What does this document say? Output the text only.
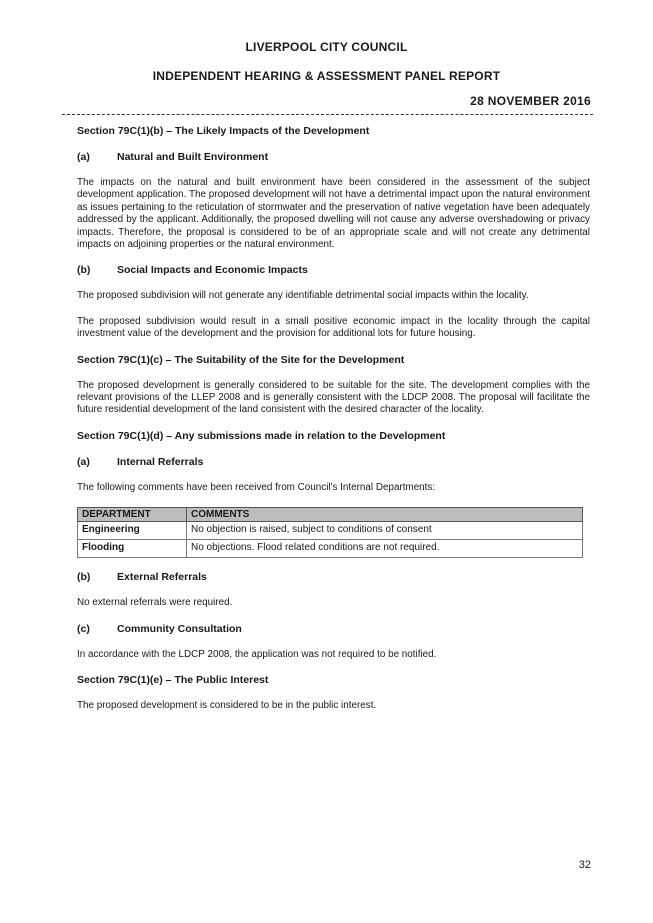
LIVERPOOL CITY COUNCIL
INDEPENDENT HEARING & ASSESSMENT PANEL REPORT
28 NOVEMBER 2016
Section 79C(1)(b) – The Likely Impacts of the Development
(a)	Natural and Built Environment

The impacts on the natural and built environment have been considered in the assessment of the subject development application. The proposed development will not have a detrimental impact upon the natural environment as issues pertaining to the reticulation of stormwater and the preservation of native vegetation have been adequately addressed by the applicant. Additionally, the proposed dwelling will not cause any adverse overshadowing or privacy impacts. Therefore, the proposal is considered to be of an appropriate scale and will not create any detrimental impacts on adjoining properties or the natural environment.

(b)	Social Impacts and Economic Impacts

The proposed subdivision will not generate any identifiable detrimental social impacts within the locality.

The proposed subdivision would result in a small positive economic impact in the locality through the capital investment value of the development and the provision for additional lots for future housing.

Section 79C(1)(c) – The Suitability of the Site for the Development

The proposed development is generally considered to be suitable for the site. The development complies with the relevant provisions of the LLEP 2008 and is generally consistent with the LDCP 2008. The proposal will facilitate the future residential development of the land consistent with the desired character of the locality.

Section 79C(1)(d) – Any submissions made in relation to the Development
(a)	Internal Referrals

The following comments have been received from Council's Internal Departments:

DEPARTMENT	COMMENTS
Engineering	No objection is raised, subject to conditions of consent
Flooding	No objections. Flood related conditions are not required.
(b)	External Referrals

No external referrals were required.

(c)	Community Consultation

In accordance with the LDCP 2008, the application was not required to be notified.

Section 79C(1)(e) – The Public Interest

The proposed development is considered to be in the public interest.

32
